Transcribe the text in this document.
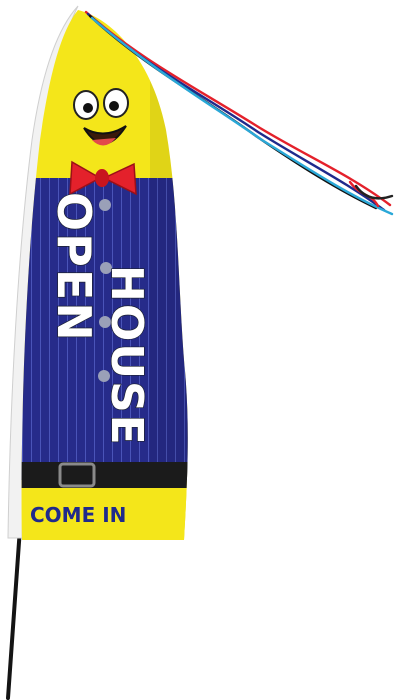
OPEN HOUSE
COME IN
